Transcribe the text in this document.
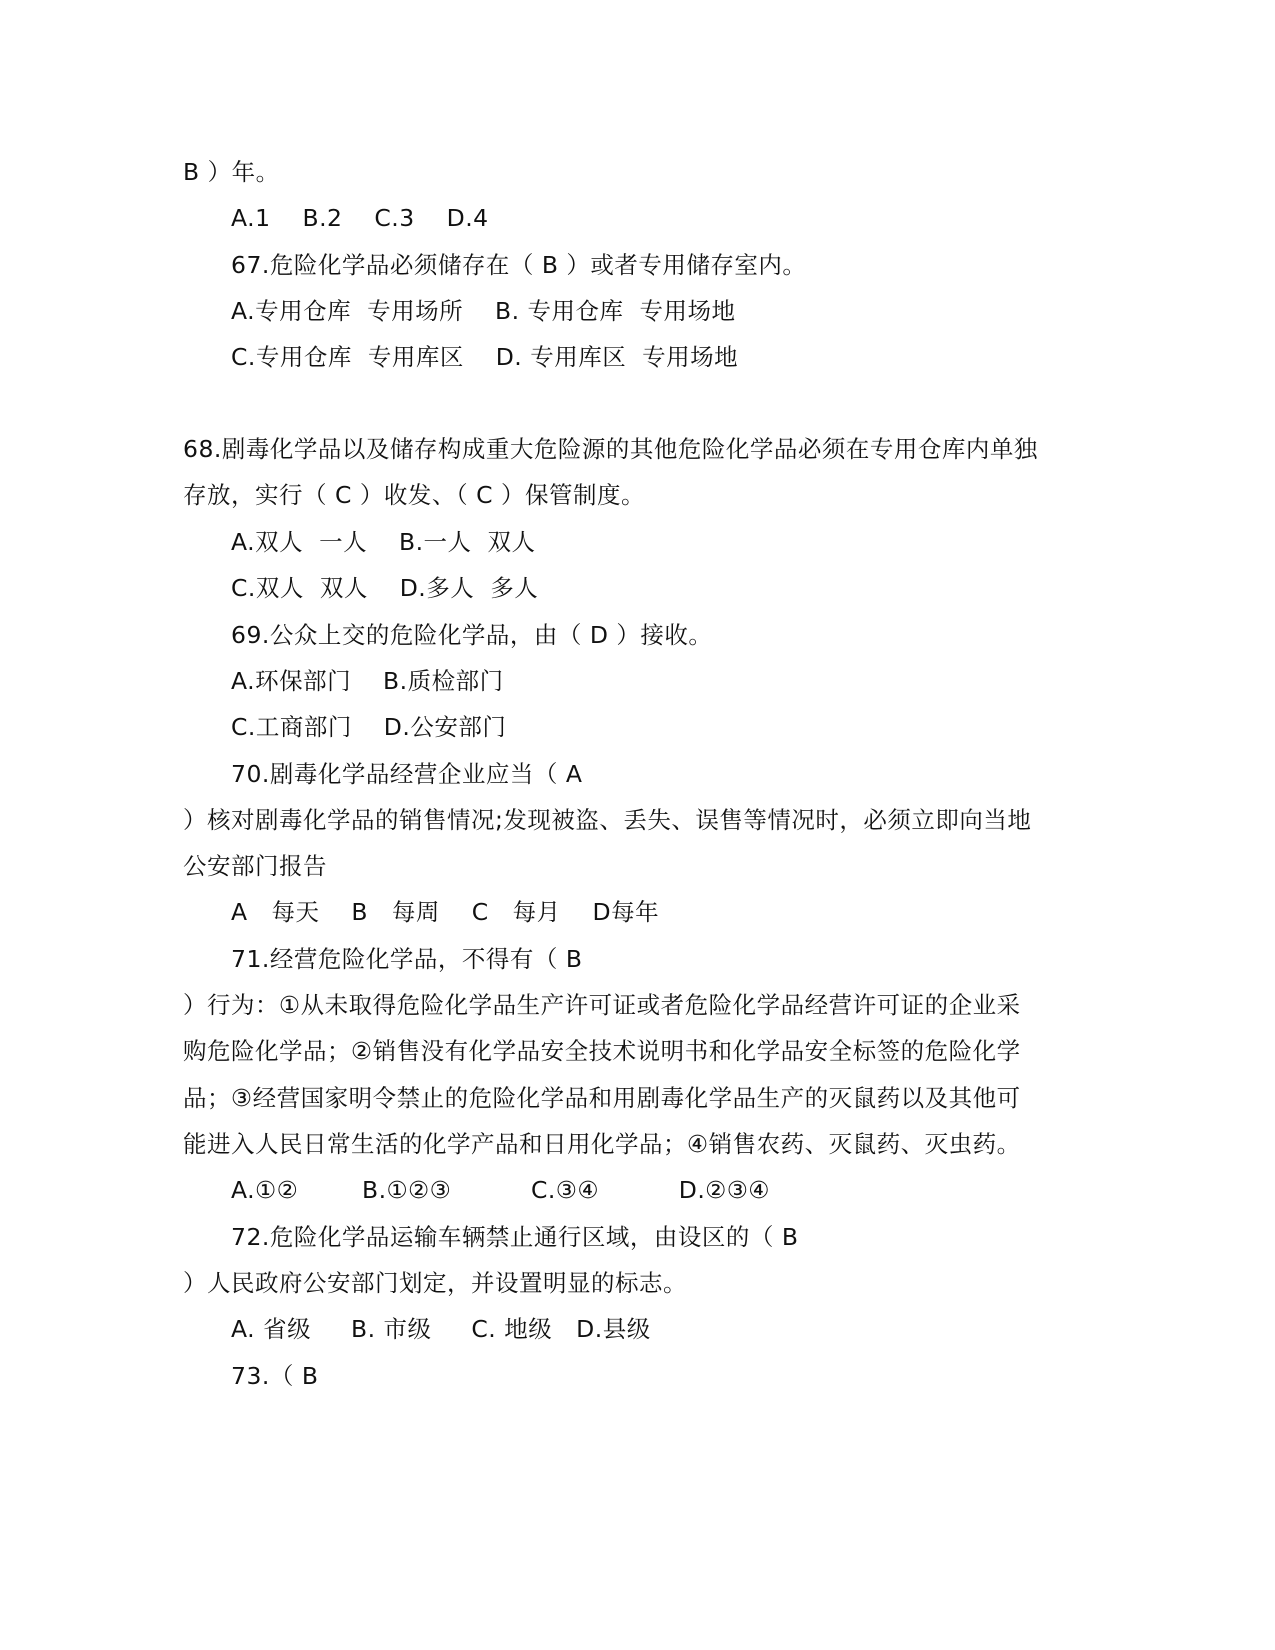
B ）年。

A.1    B.2    C.3    D.4

67.危险化学品必须储存在（ B ）或者专用储存室内。

A.专用仓库  专用场所    B. 专用仓库  专用场地

C.专用仓库  专用库区    D. 专用库区  专用场地

68.剧毒化学品以及储存构成重大危险源的其他危险化学品必须在专用仓库内单独

存放，实行（ C ）收发、（ C ）保管制度。

A.双人  一人    B.一人  双人

C.双人  双人    D.多人  多人

69.公众上交的危险化学品，由（ D ）接收。

A.环保部门    B.质检部门

C.工商部门    D.公安部门

70.剧毒化学品经营企业应当（ A

）核对剧毒化学品的销售情况;发现被盗、丢失、误售等情况时，必须立即向当地

公安部门报告

A   每天    B   每周    C   每月    D每年

71.经营危险化学品，不得有（ B

）行为：①从未取得危险化学品生产许可证或者危险化学品经营许可证的企业采

购危险化学品；②销售没有化学品安全技术说明书和化学品安全标签的危险化学

品；③经营国家明令禁止的危险化学品和用剧毒化学品生产的灭鼠药以及其他可

能进入人民日常生活的化学产品和日用化学品；④销售农药、灭鼠药、灭虫药。

A.①②        B.①②③          C.③④          D.②③④

72.危险化学品运输车辆禁止通行区域，由设区的（ B

）人民政府公安部门划定，并设置明显的标志。

A. 省级     B. 市级     C. 地级   D.县级

73.（ B
